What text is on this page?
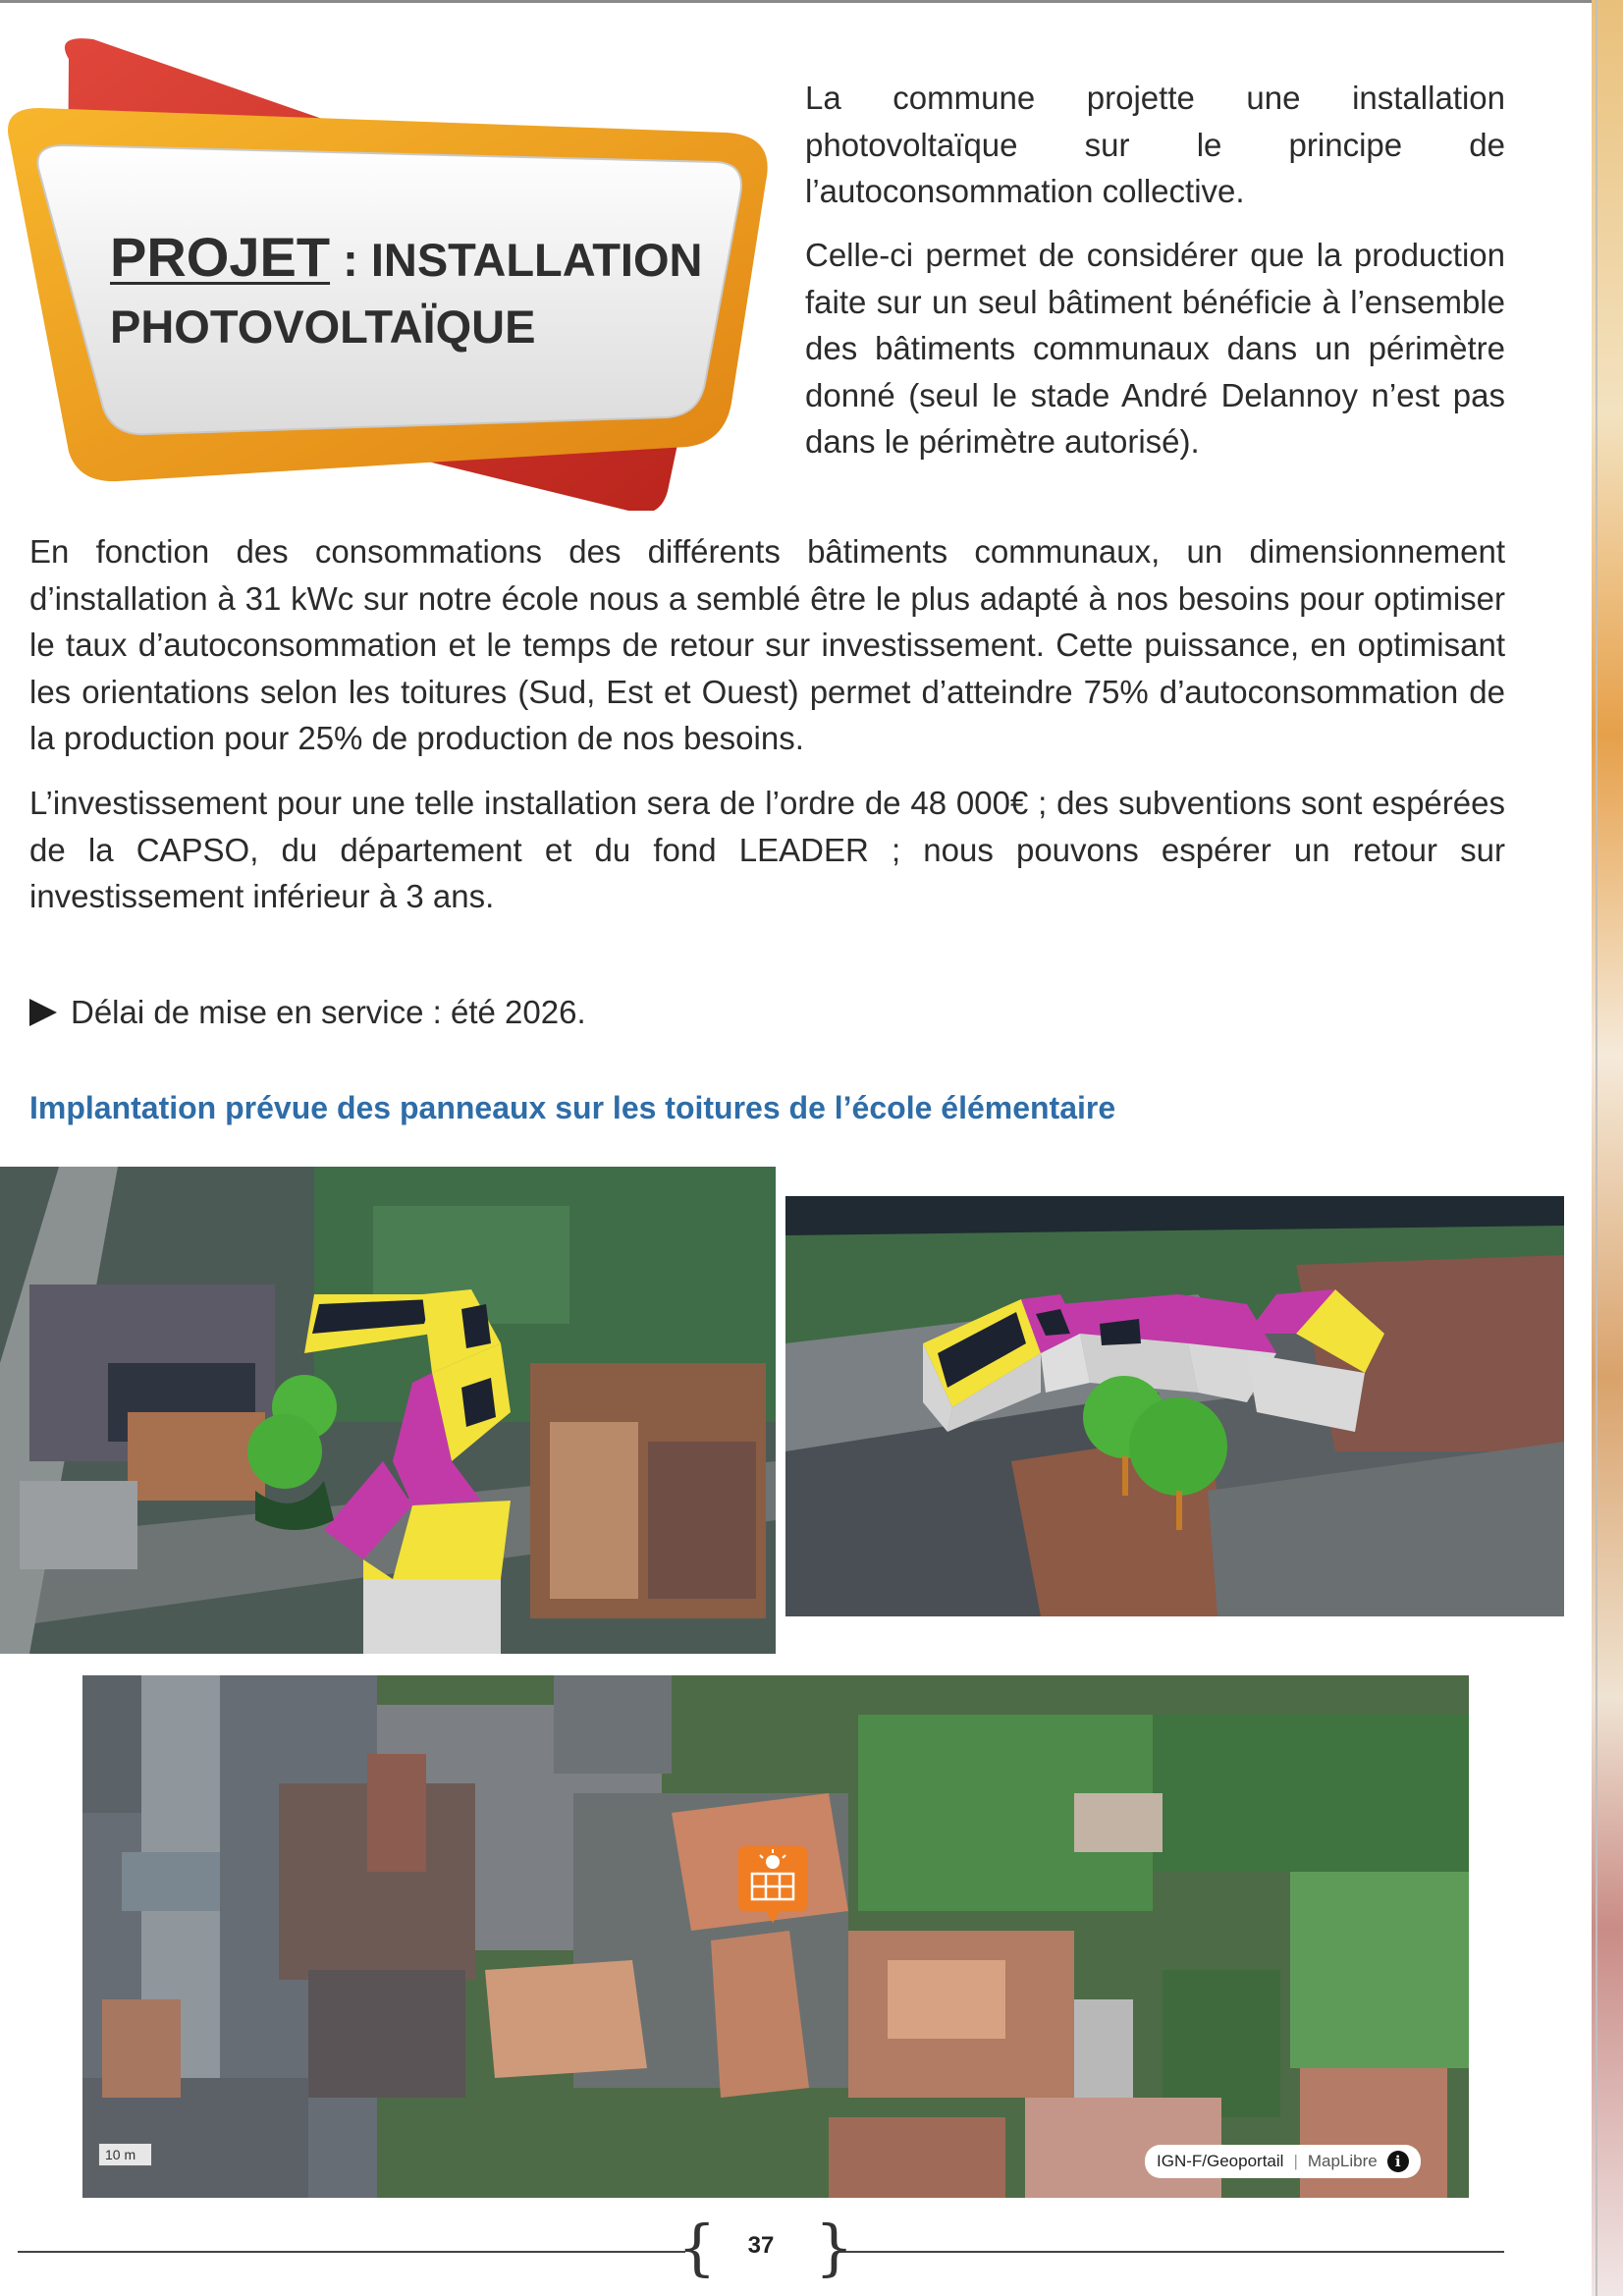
PROJET : INSTALLATION
PHOTOVOLTAÏQUE

La commune projette une installation photovoltaïque sur le principe de l’autoconsommation collective.

Celle-ci permet de considérer que la production faite sur un seul bâtiment bénéficie à l’ensemble des bâtiments communaux dans un périmètre donné (seul le stade André Delannoy n’est pas dans le périmètre autorisé).

En fonction des consommations des différents bâtiments communaux, un dimensionnement d’installation à 31 kWc sur notre école nous a semblé être le plus adapté à nos besoins pour optimiser le taux d’autoconsommation et le temps de retour sur investissement. Cette puissance, en optimisant les orientations selon les toitures (Sud, Est et Ouest) permet d’atteindre 75% d’autoconsommation de la production pour 25% de production de nos besoins.

L’investissement pour une telle installation sera de l’ordre de 48 000€ ; des subventions sont espérées de la CAPSO, du département et du fond LEADER ; nous pouvons espérer un retour sur investissement inférieur à 3 ans.

Délai de mise en service : été 2026.
Implantation prévue des panneaux sur les toitures de l’école élémentaire
10 m	IGN-F/Geoportail | MapLibre	i
{ }
37
